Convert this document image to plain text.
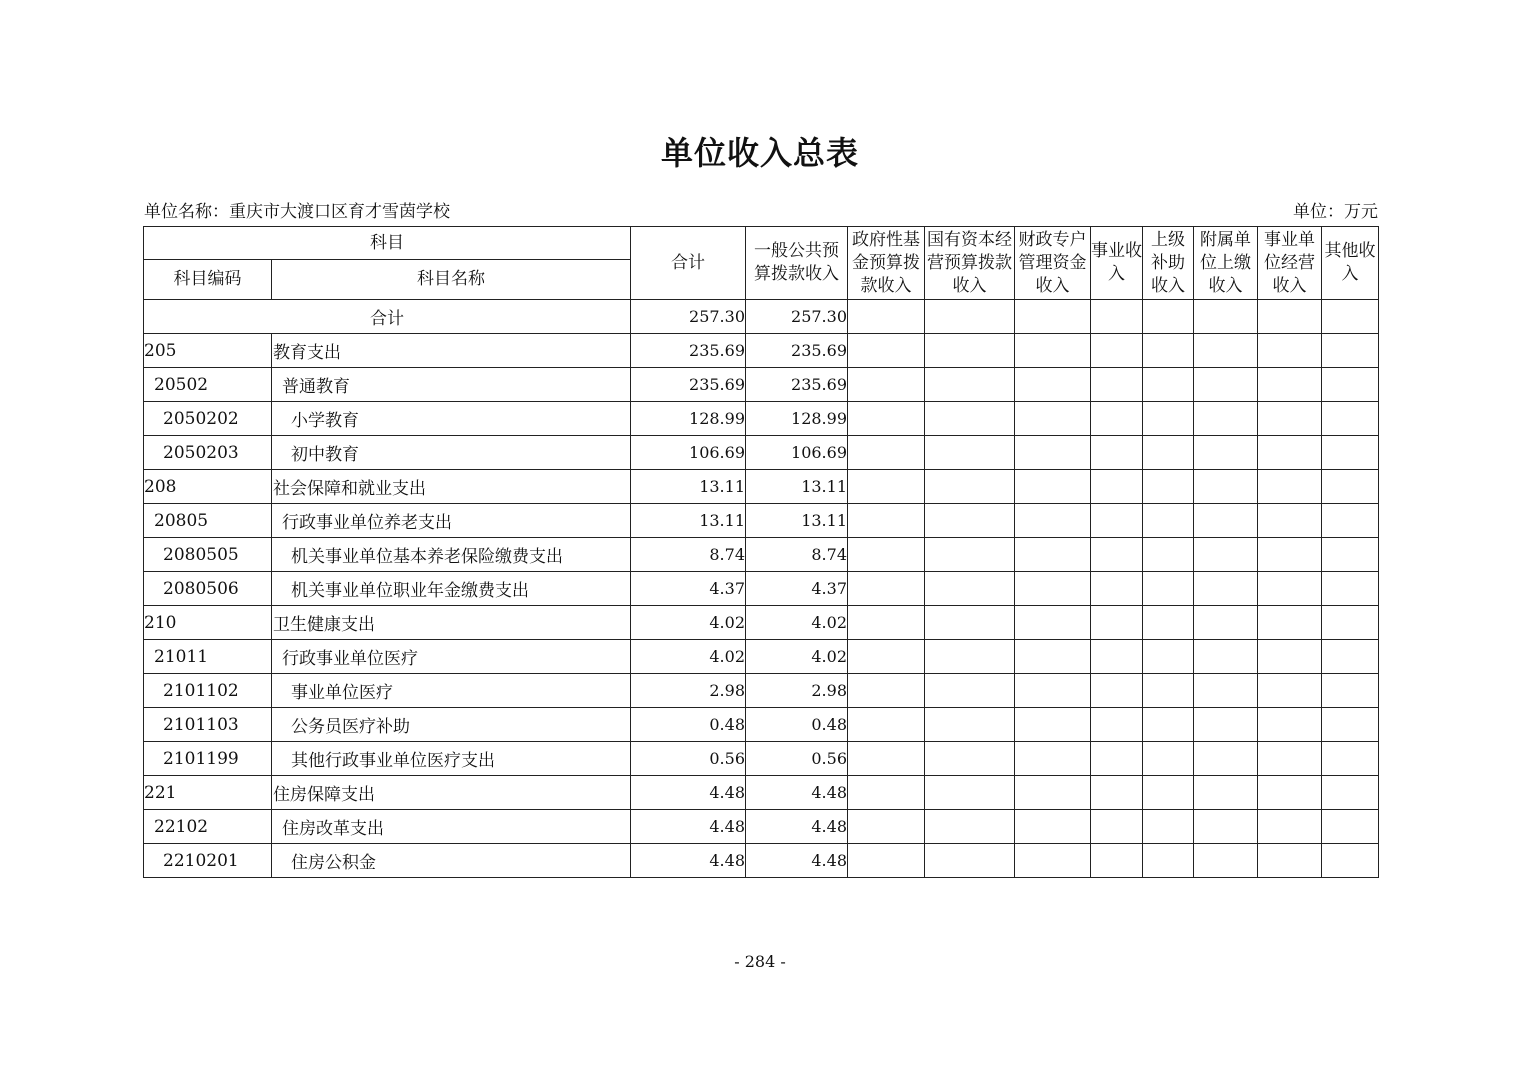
单位收入总表
单位名称：重庆市大渡口区育才雪茵学校	单位：万元
科目		合计	一般公共预算拨款收入	政府性基金预算拨款收入	国有资本经营预算拨款收入	财政专户管理资金收入	事业收入	上级补助收入	附属单位上缴收入	事业单位经营收入	其他收入
科目编码	科目名称										
合计		257.30	257.30								
205	教育支出	235.69	235.69								
20502	普通教育	235.69	235.69								
2050202	小学教育	128.99	128.99								
2050203	初中教育	106.69	106.69								
208	社会保障和就业支出	13.11	13.11								
20805	行政事业单位养老支出	13.11	13.11								
2080505	机关事业单位基本养老保险缴费支出	8.74	8.74								
2080506	机关事业单位职业年金缴费支出	4.37	4.37								
210	卫生健康支出	4.02	4.02								
21011	行政事业单位医疗	4.02	4.02								
2101102	事业单位医疗	2.98	2.98								
2101103	公务员医疗补助	0.48	0.48								
2101199	其他行政事业单位医疗支出	0.56	0.56								
221	住房保障支出	4.48	4.48								
22102	住房改革支出	4.48	4.48								
2210201	住房公积金	4.48	4.48								
- 284 -
